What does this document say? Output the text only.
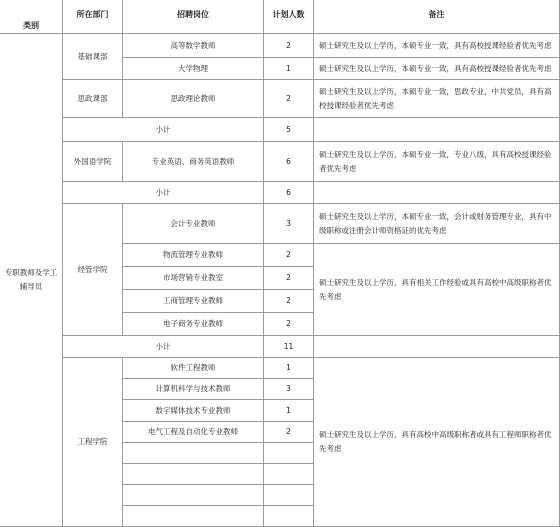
类别	所在部门	招聘岗位	计划人数	备注
专职教师及学工辅导员	基础课部	高等数学教师	2	硕士研究生及以上学历，本硕专业一致，具有高校授课经验者优先考虑
		大学物理	1	硕士研究生及以上学历，本硕专业一致，具有高校授课经验者优先考虑
	思政课部	思政理论教师	2	硕士研究生及以上学历，本硕专业一致，思政专业，中共党员，具有高校授课经验者优先考虑
	小计		5	
	外国语学院	专业英语、商务英语教师	6	硕士研究生及以上学历，本硕专业一致，专业八级，具有高校授课经验者优先考虑
	小计		6	
	经管学院	会计专业教师	3	硕士研究生及以上学历，本硕专业一致，会计或财务管理专业，具有中级职称或注册会计师资格证的优先考虑
		物流管理专业教师	2	硕士研究生及以上学历，具有相关工作经验或具有高校中高级职称者优先考虑
		市场营销专业教室	2	
		工商管理专业教师	2	
		电子商务专业教师	2	
	小计		11	
	工程学院	软件工程教师	1	硕士研究生及以上学历，具有高校中高级职称者或具有工程师职称者优先考虑
		计算机科学与技术教师	3	
		数字媒体技术专业教师	1	
		电气工程及自动化专业教师	2	
